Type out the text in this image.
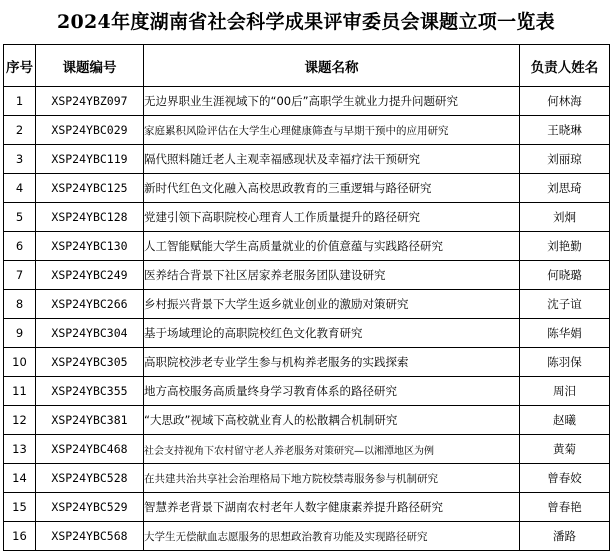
2024年度湖南省社会科学成果评审委员会课题立项一览表
序号	课题编号	课题名称	负责人姓名
1	XSP24YBZ097	无边界职业生涯视域下的“00后”高职学生就业力提升问题研究	何林海
2	XSP24YBC029	家庭累积风险评估在大学生心理健康筛查与早期干预中的应用研究	王晓琳
3	XSP24YBC119	隔代照料随迁老人主观幸福感现状及幸福疗法干预研究	刘丽琼
4	XSP24YBC125	新时代红色文化融入高校思政教育的三重逻辑与路径研究	刘思琦
5	XSP24YBC128	党建引领下高职院校心理育人工作质量提升的路径研究	刘炯
6	XSP24YBC130	人工智能赋能大学生高质量就业的价值意蕴与实践路径研究	刘艳勤
7	XSP24YBC249	医养结合背景下社区居家养老服务团队建设研究	何晓璐
8	XSP24YBC266	乡村振兴背景下大学生返乡就业创业的激励对策研究	沈子谊
9	XSP24YBC304	基于场域理论的高职院校红色文化教育研究	陈华娟
10	XSP24YBC305	高职院校涉老专业学生参与机构养老服务的实践探索	陈羽保
11	XSP24YBC355	地方高校服务高质量终身学习教育体系的路径研究	周汨
12	XSP24YBC381	“大思政”视域下高校就业育人的松散耦合机制研究	赵曦
13	XSP24YBC468	社会支持视角下农村留守老人养老服务对策研究—以湘潭地区为例	黄菊
14	XSP24YBC528	在共建共治共享社会治理格局下地方院校禁毒服务参与机制研究	曾春姣
15	XSP24YBC529	智慧养老背景下湖南农村老年人数字健康素养提升路径研究	曾春艳
16	XSP24YBC568	大学生无偿献血志愿服务的思想政治教育功能及实现路径研究	潘路
